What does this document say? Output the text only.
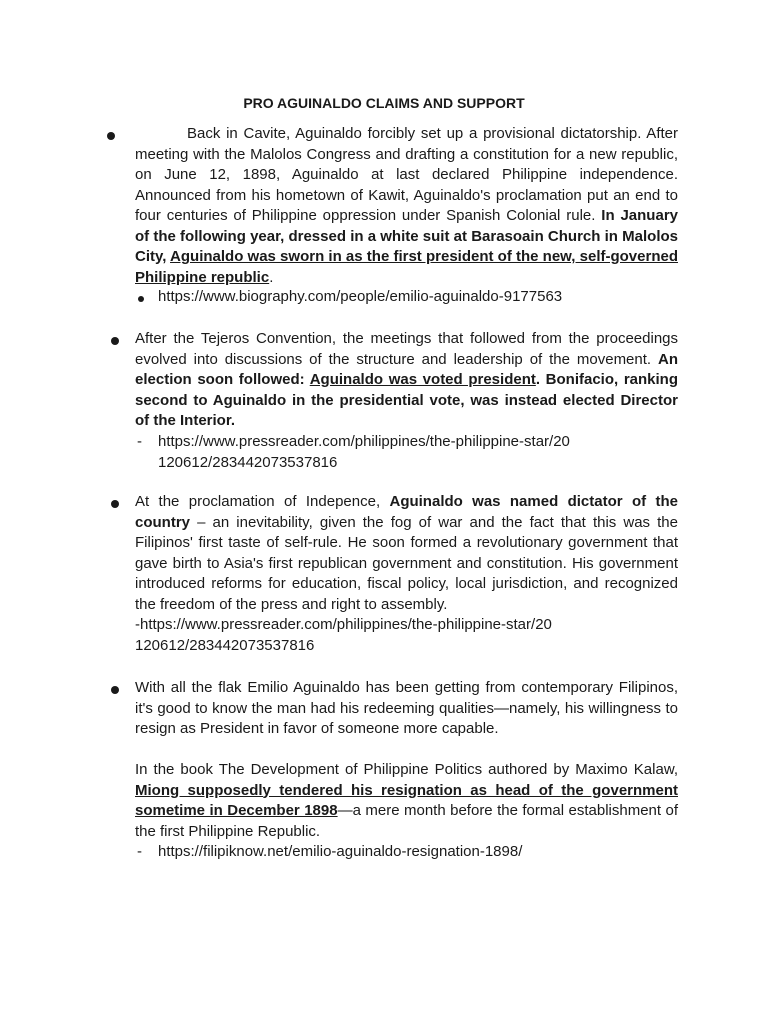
PRO AGUINALDO CLAIMS AND SUPPORT

Back in Cavite, Aguinaldo forcibly set up a provisional dictatorship. After meeting with the Malolos Congress and drafting a constitution for a new republic, on June 12, 1898, Aguinaldo at last declared Philippine independence. Announced from his hometown of Kawit, Aguinaldo's proclamation put an end to four centuries of Philippine oppression under Spanish Colonial rule. In January of the following year, dressed in a white suit at Barasoain Church in Malolos City, Aguinaldo was sworn in as the first president of the new, self-governed Philippine republic.

https://www.biography.com/people/emilio-aguinaldo-9177563

After the Tejeros Convention, the meetings that followed from the proceedings evolved into discussions of the structure and leadership of the movement. An election soon followed: Aguinaldo was voted president. Bonifacio, ranking second to Aguinaldo in the presidential vote, was instead elected Director of the Interior.

- https://www.pressreader.com/philippines/the-philippine-star/20120612/283442073537816

At the proclamation of Indepence, Aguinaldo was named dictator of the country – an inevitability, given the fog of war and the fact that this was the Filipinos' first taste of self-rule. He soon formed a revolutionary government that gave birth to Asia's first republican government and constitution. His government introduced reforms for education, fiscal policy, local jurisdiction, and recognized the freedom of the press and right to assembly.

-https://www.pressreader.com/philippines/the-philippine-star/20120612/283442073537816

With all the flak Emilio Aguinaldo has been getting from contemporary Filipinos, it's good to know the man had his redeeming qualities—namely, his willingness to resign as President in favor of someone more capable.

In the book The Development of Philippine Politics authored by Maximo Kalaw, Miong supposedly tendered his resignation as head of the government sometime in December 1898—a mere month before the formal establishment of the first Philippine Republic.

- https://filipiknow.net/emilio-aguinaldo-resignation-1898/
